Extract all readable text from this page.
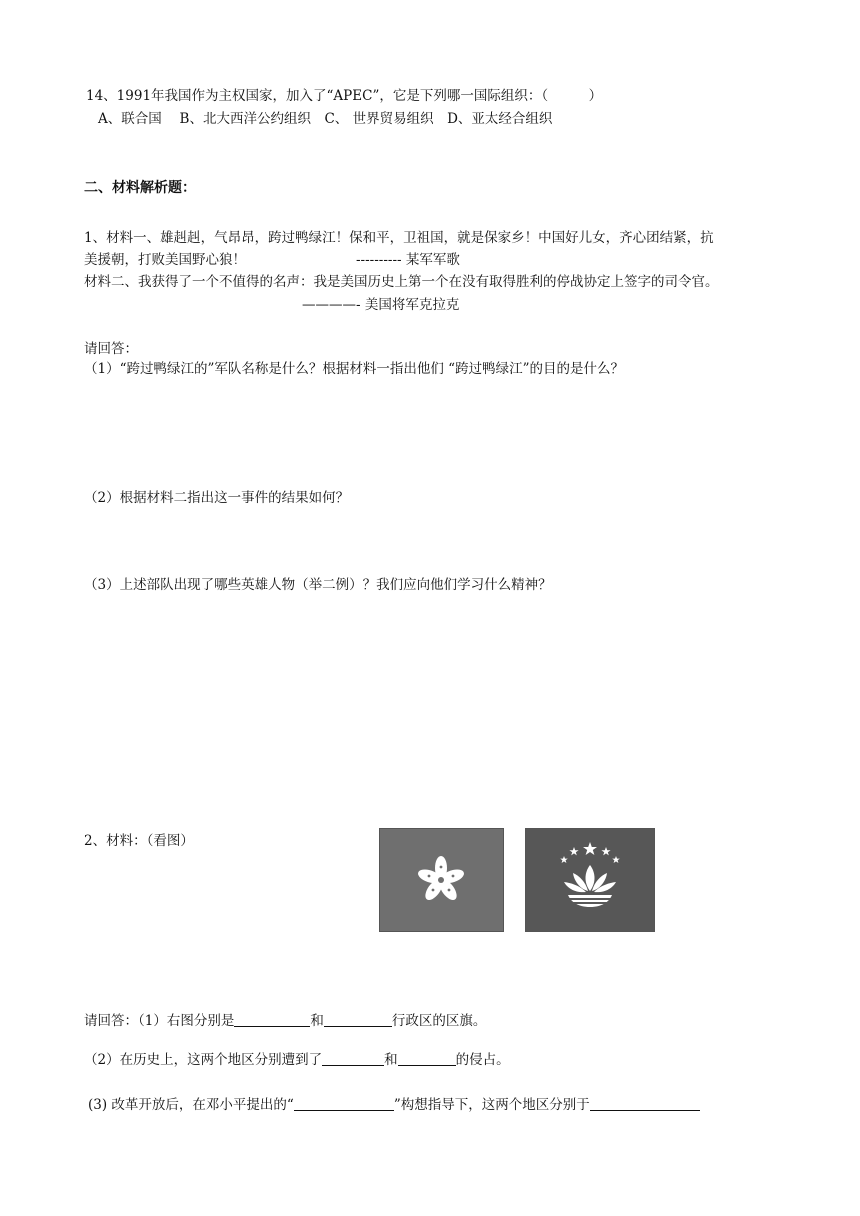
14、1991年我国作为主权国家，加入了“APEC”，它是下列哪一国际组织：（　　　）
A、联合国　 B、北大西洋公约组织　C、 世界贸易组织　D、亚太经合组织
二、材料解析题：
1、材料一、雄赳赳，气昂昂，跨过鸭绿江！保和平，卫祖国，就是保家乡！中国好儿女，齐心团结紧，抗
美援朝，打败美国野心狼！	---------- 某军军歌
材料二、我获得了一个不值得的名声：我是美国历史上第一个在没有取得胜利的停战协定上签字的司令官。
————- 美国将军克拉克
请回答：
（1）“跨过鸭绿江的”军队名称是什么？根据材料一指出他们 “跨过鸭绿江”的目的是什么？
（2）根据材料二指出这一事件的结果如何？
（3）上述部队出现了哪些英雄人物（举二例）？我们应向他们学习什么精神？
2、材料：（看图）
请回答：（1）右图分别是	和	行政区的区旗。
（2）在历史上，这两个地区分别遭到了	和	的侵占。
(3) 改革开放后，在邓小平提出的“	”构想指导下，这两个地区分别于
